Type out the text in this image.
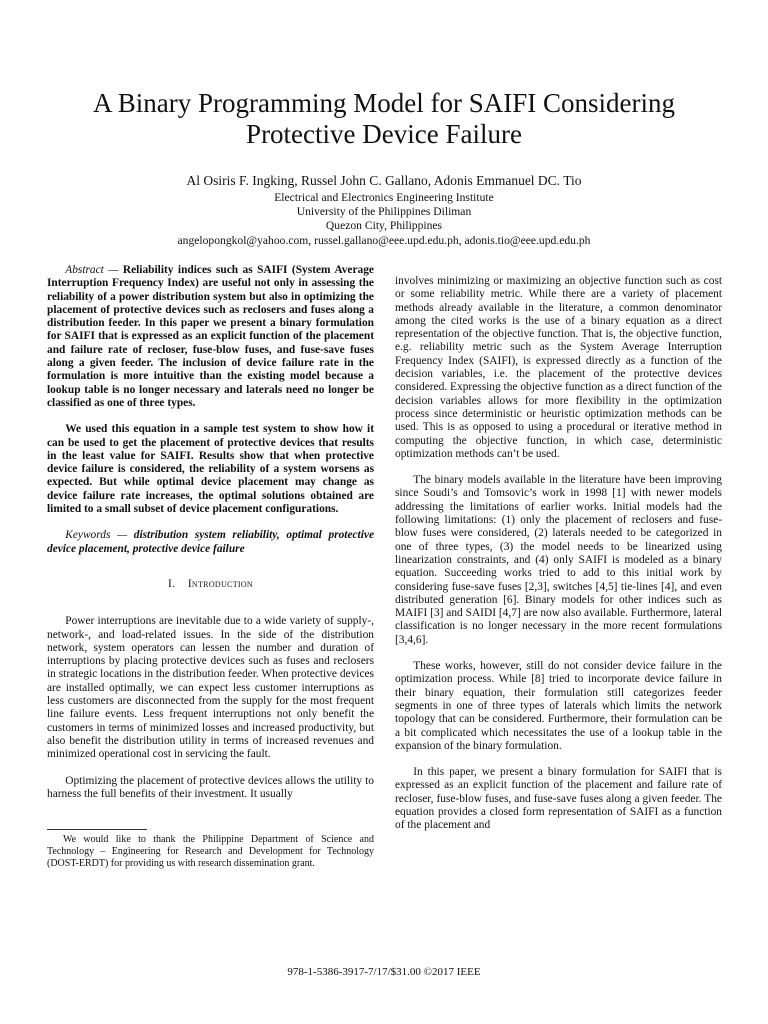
A Binary Programming Model for SAIFI Considering
Protective Device Failure
Al Osiris F. Ingking, Russel John C. Gallano, Adonis Emmanuel DC. Tio
Electrical and Electronics Engineering Institute
University of the Philippines Diliman
Quezon City, Philippines
angelopongkol@yahoo.com, russel.gallano@eee.upd.edu.ph, adonis.tio@eee.upd.edu.ph

Abstract — Reliability indices such as SAIFI (System Average Interruption Frequency Index) are useful not only in assessing the reliability of a power distribution system but also in optimizing the placement of protective devices such as reclosers and fuses along a distribution feeder. In this paper we present a binary formulation for SAIFI that is expressed as an explicit function of the placement and failure rate of recloser, fuse-blow fuses, and fuse-save fuses along a given feeder. The inclusion of device failure rate in the formulation is more intuitive than the existing model because a lookup table is no longer necessary and laterals need no longer be classified as one of three types.

We used this equation in a sample test system to show how it can be used to get the placement of protective devices that results in the least value for SAIFI. Results show that when protective device failure is considered, the reliability of a system worsens as expected. But while optimal device placement may change as device failure rate increases, the optimal solutions obtained are limited to a small subset of device placement configurations.

Keywords — distribution system reliability, optimal protective device placement, protective device failure

I. Introduction

Power interruptions are inevitable due to a wide variety of supply-, network-, and load-related issues. In the side of the distribution network, system operators can lessen the number and duration of interruptions by placing protective devices such as fuses and reclosers in strategic locations in the distribution feeder. When protective devices are installed optimally, we can expect less customer interruptions as less customers are disconnected from the supply for the most frequent line failure events. Less frequent interruptions not only benefit the customers in terms of minimized losses and increased productivity, but also benefit the distribution utility in terms of increased revenues and minimized operational cost in servicing the fault.

Optimizing the placement of protective devices allows the utility to harness the full benefits of their investment. It usually

We would like to thank the Philippine Department of Science and Technology – Engineering for Research and Development for Technology (DOST-ERDT) for providing us with research dissemination grant.

involves minimizing or maximizing an objective function such as cost or some reliability metric. While there are a variety of placement methods already available in the literature, a common denominator among the cited works is the use of a binary equation as a direct representation of the objective function. That is, the objective function, e.g. reliability metric such as the System Average Interruption Frequency Index (SAIFI), is expressed directly as a function of the decision variables, i.e. the placement of the protective devices considered. Expressing the objective function as a direct function of the decision variables allows for more flexibility in the optimization process since deterministic or heuristic optimization methods can be used. This is as opposed to using a procedural or iterative method in computing the objective function, in which case, deterministic optimization methods can’t be used.

The binary models available in the literature have been improving since Soudi’s and Tomsovic’s work in 1998 [1] with newer models addressing the limitations of earlier works. Initial models had the following limitations: (1) only the placement of reclosers and fuse-blow fuses were considered, (2) laterals needed to be categorized in one of three types, (3) the model needs to be linearized using linearization constraints, and (4) only SAIFI is modeled as a binary equation. Succeeding works tried to add to this initial work by considering fuse-save fuses [2,3], switches [4,5] tie-lines [4], and even distributed generation [6]. Binary models for other indices such as MAIFI [3] and SAIDI [4,7] are now also available. Furthermore, lateral classification is no longer necessary in the more recent formulations [3,4,6].

These works, however, still do not consider device failure in the optimization process. While [8] tried to incorporate device failure in their binary equation, their formulation still categorizes feeder segments in one of three types of laterals which limits the network topology that can be considered. Furthermore, their formulation can be a bit complicated which necessitates the use of a lookup table in the expansion of the binary formulation.

In this paper, we present a binary formulation for SAIFI that is expressed as an explicit function of the placement and failure rate of recloser, fuse-blow fuses, and fuse-save fuses along a given feeder. The equation provides a closed form representation of SAIFI as a function of the placement and

978-1-5386-3917-7/17/$31.00 ©2017 IEEE
